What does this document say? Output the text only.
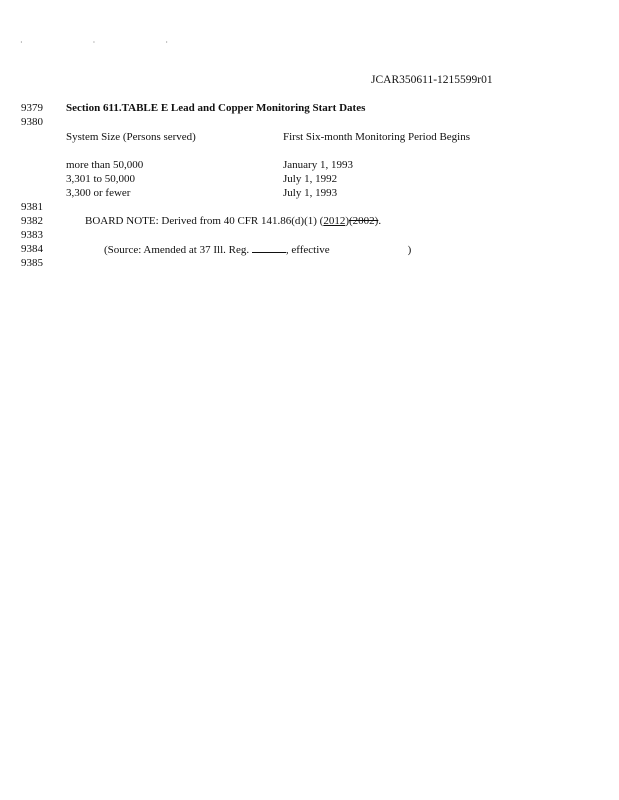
· · ·
JCAR350611-1215599r01
9379 Section 611.TABLE E Lead and Copper Monitoring Start Dates
9380
System Size (Persons served)	First Six-month Monitoring Period Begins
more than 50,000	January 1, 1993
3,301 to 50,000	July 1, 1992
3,300 or fewer	July 1, 1993
9381
9382	BOARD NOTE: Derived from 40 CFR 141.86(d)(1) (2012)(2002).
9383
9384	(Source: Amended at 37 Ill. Reg.	, effective	)
9385
